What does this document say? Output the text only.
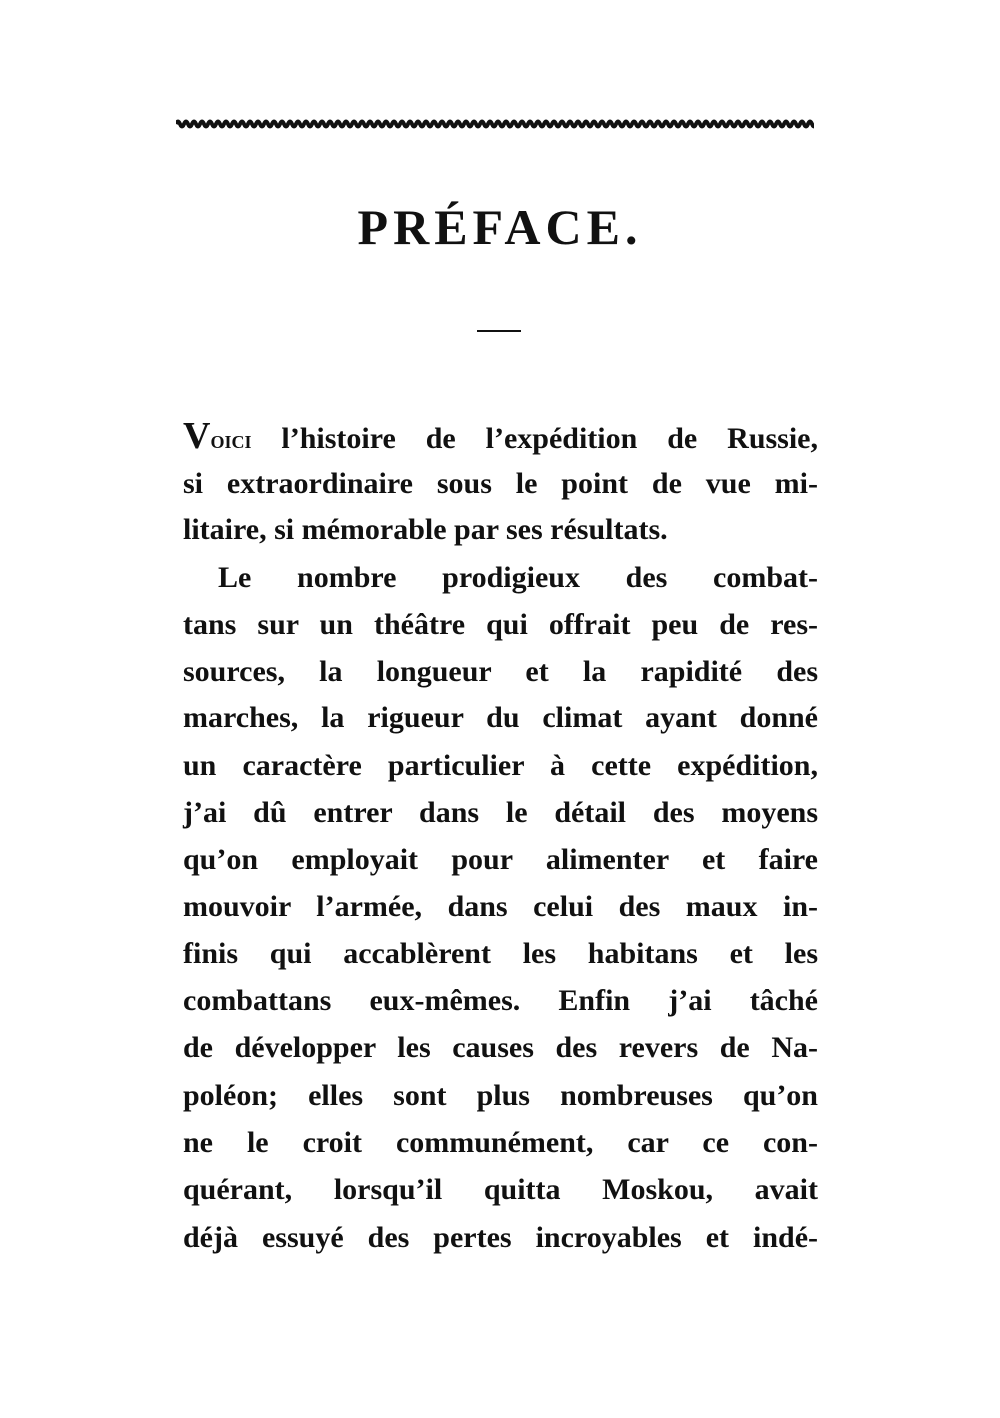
PRÉFACE.
Voici l’histoire de l’expédition de Russie,
si extraordinaire sous le point de vue mi-
litaire, si mémorable par ses résultats.
Le nombre prodigieux des combat-
tans sur un théâtre qui offrait peu de res-
sources, la longueur et la rapidité des
marches, la rigueur du climat ayant donné
un caractère particulier à cette expédition,
j’ai dû entrer dans le détail des moyens
qu’on employait pour alimenter et faire
mouvoir l’armée, dans celui des maux in-
finis qui accablèrent les habitans et les
combattans eux-mêmes. Enfin j’ai tâché
de développer les causes des revers de Na-
poléon; elles sont plus nombreuses qu’on
ne le croit communément, car ce con-
quérant, lorsqu’il quitta Moskou, avait
déjà essuyé des pertes incroyables et indé-
